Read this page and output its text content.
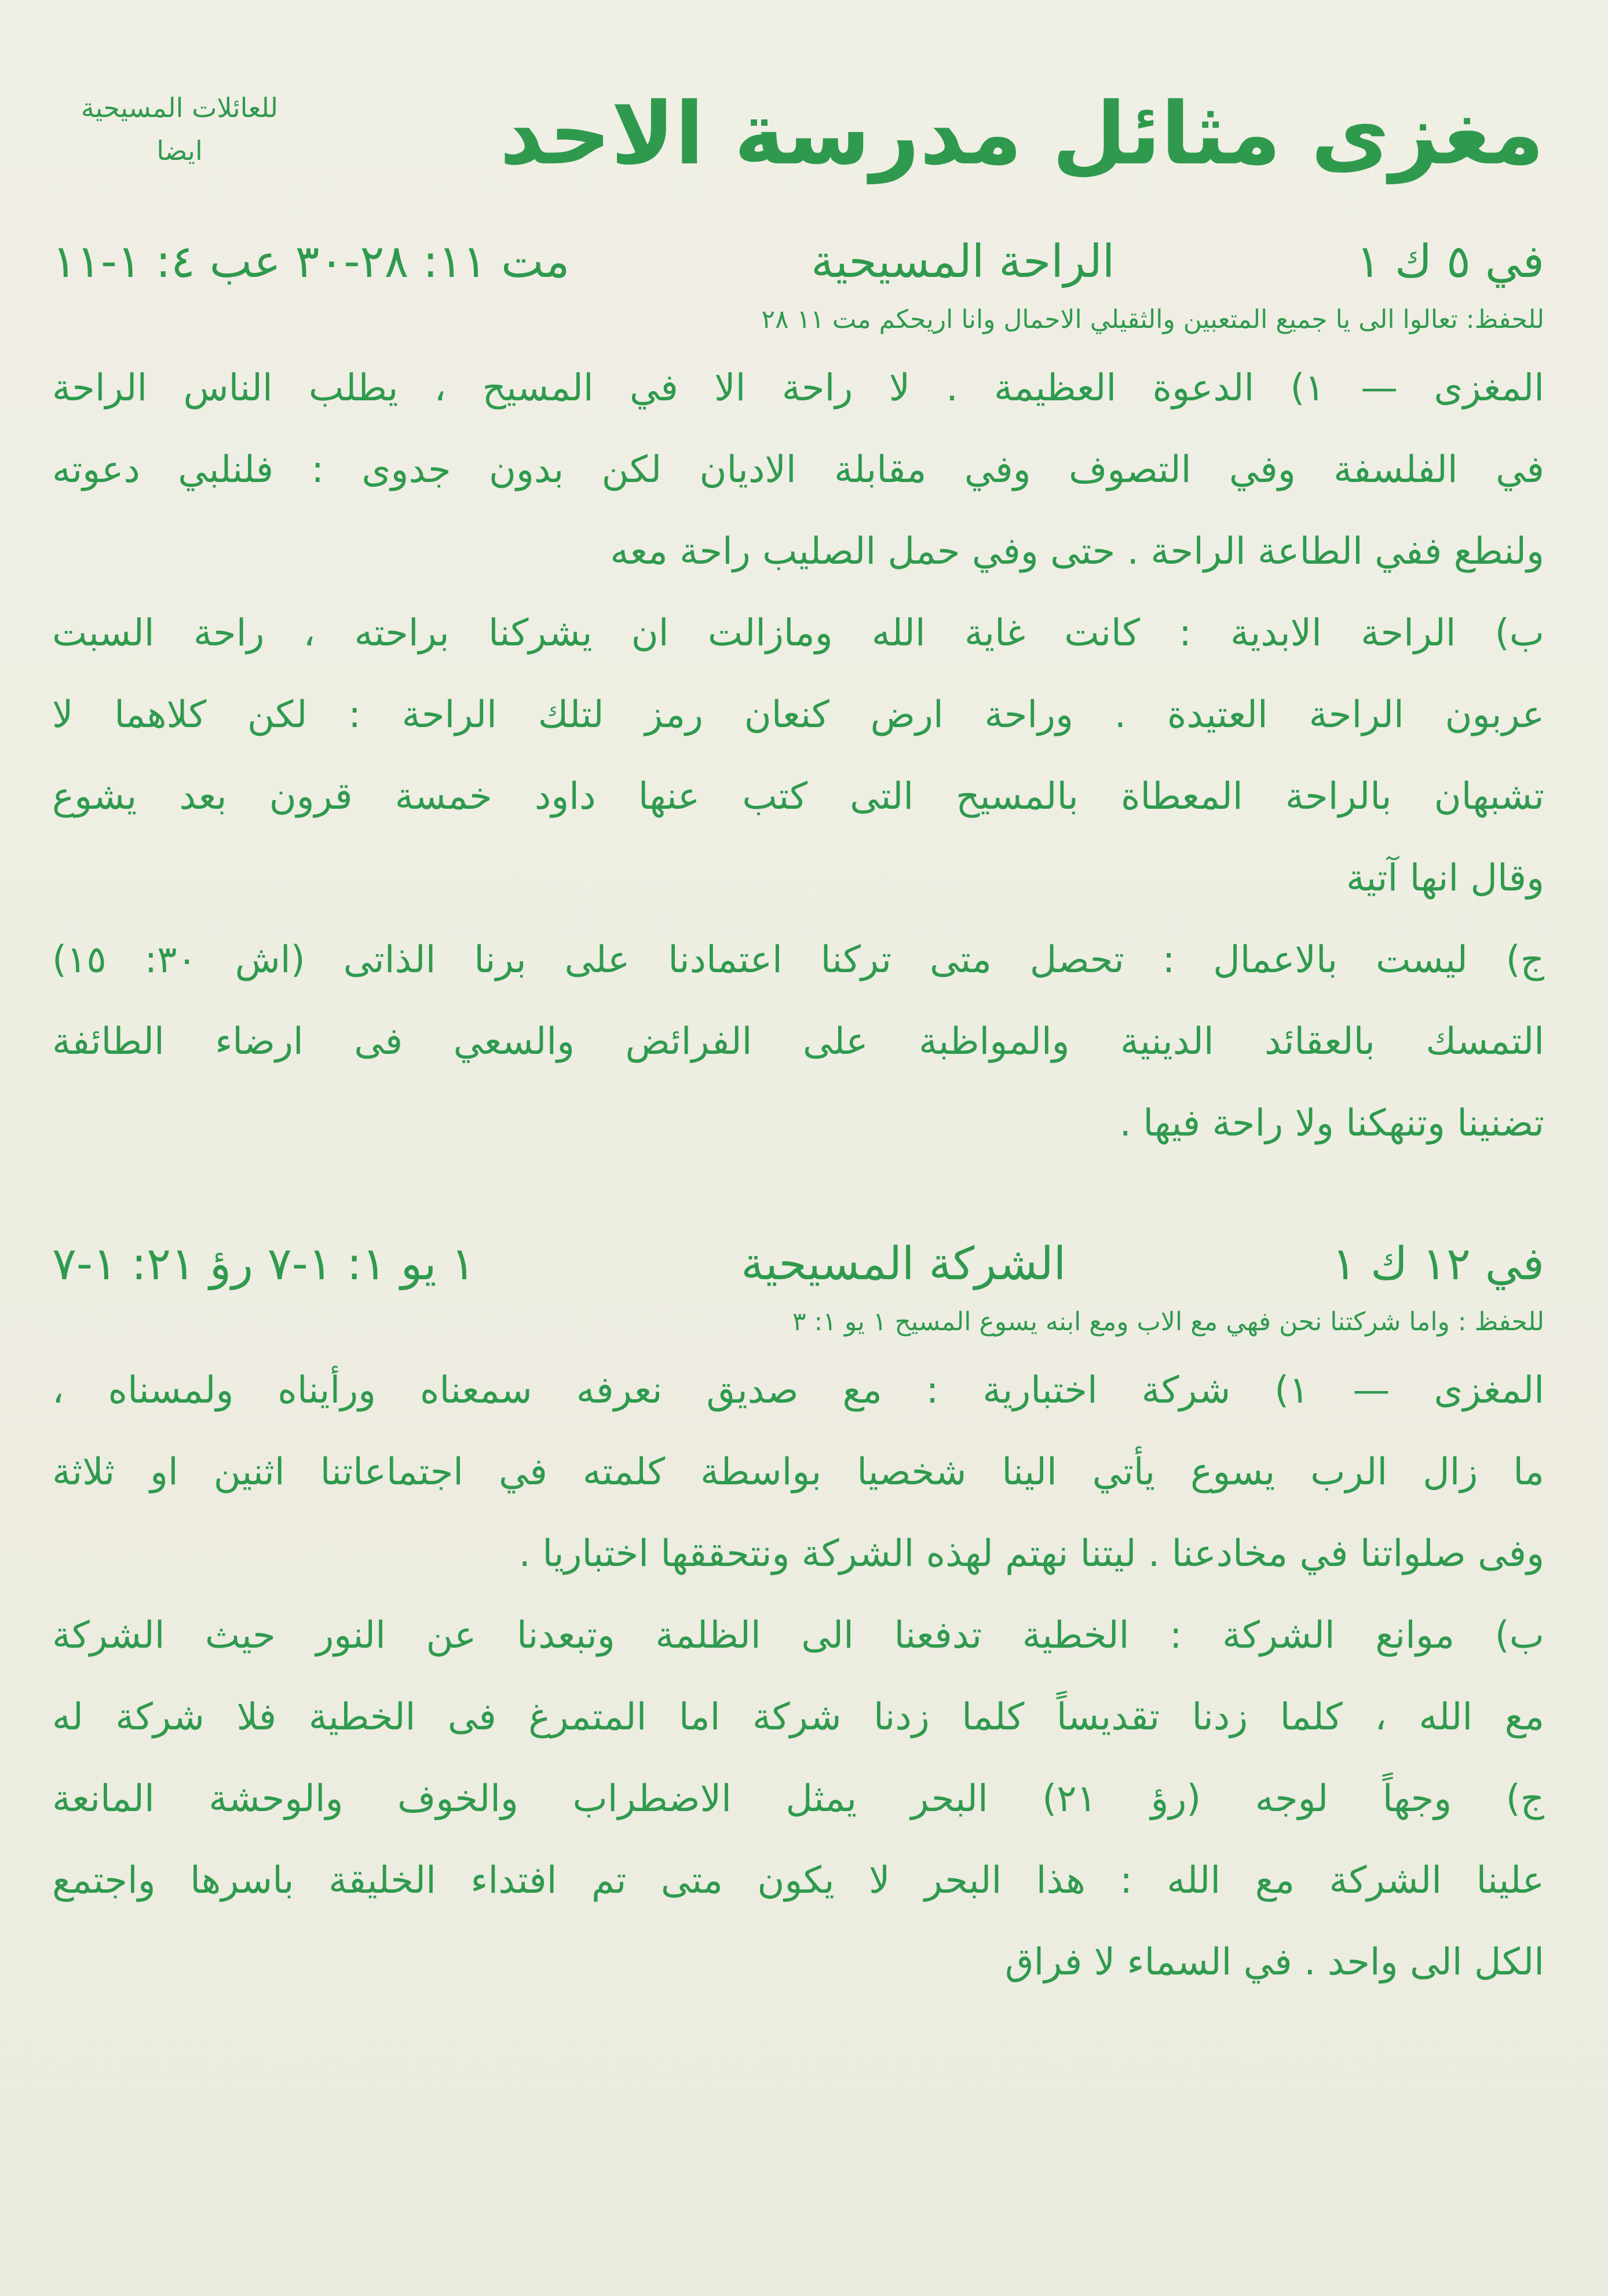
مغزى مثائل مدرسة الاحد
للعائلات المسيحية
ايضا
في ٥ ك ١
الراحة المسيحية
مت ١١: ٢٨-٣٠ عب ٤: ١-١١
للحفظ: تعالوا الى يا جميع المتعبين والثقيلي الاحمال وانا اريحكم مت ١١ ٢٨
المغزى — ١) الدعوة العظيمة . لا راحة الا في المسيح ، يطلب الناس الراحة
في الفلسفة وفي التصوف وفي مقابلة الاديان لكن بدون جدوى : فلنلبي دعوته
ولنطع ففي الطاعة الراحة . حتى وفي حمل الصليب راحة معه
ب) الراحة الابدية : كانت غاية الله ومازالت ان يشركنا براحته ، راحة السبت
عربون الراحة العتيدة . وراحة ارض كنعان رمز لتلك الراحة : لكن كلاهما لا
تشبهان بالراحة المعطاة بالمسيح التى كتب عنها داود خمسة قرون بعد يشوع
وقال انها آتية
ج) ليست بالاعمال : تحصل متى تركنا اعتمادنا على برنا الذاتى (اش ٣٠: ١٥)
التمسك بالعقائد الدينية والمواظبة على الفرائض والسعي فى ارضاء الطائفة
تضنينا وتنهكنا ولا راحة فيها .
في ١٢ ك ١
الشركة المسيحية
١ يو ١: ١-٧ رؤ ٢١: ١-٧
للحفظ : واما شركتنا نحن فهي مع الاب ومع ابنه يسوع المسيح ١ يو ١: ٣
المغزى — ١) شركة اختبارية : مع صديق نعرفه سمعناه ورأيناه ولمسناه ،
ما زال الرب يسوع يأتي الينا شخصيا بواسطة كلمته في اجتماعاتنا اثنين او ثلاثة
وفى صلواتنا في مخادعنا . ليتنا نهتم لهذه الشركة ونتحققها اختباريا .
ب) موانع الشركة : الخطية تدفعنا الى الظلمة وتبعدنا عن النور حيث الشركة
مع الله ، كلما زدنا تقديساً كلما زدنا شركة اما المتمرغ فى الخطية فلا شركة له
ج) وجهاً لوجه (رؤ ٢١) البحر يمثل الاضطراب والخوف والوحشة المانعة
علينا الشركة مع الله : هذا البحر لا يكون متى تم افتداء الخليقة باسرها واجتمع
الكل الى واحد . في السماء لا فراق
